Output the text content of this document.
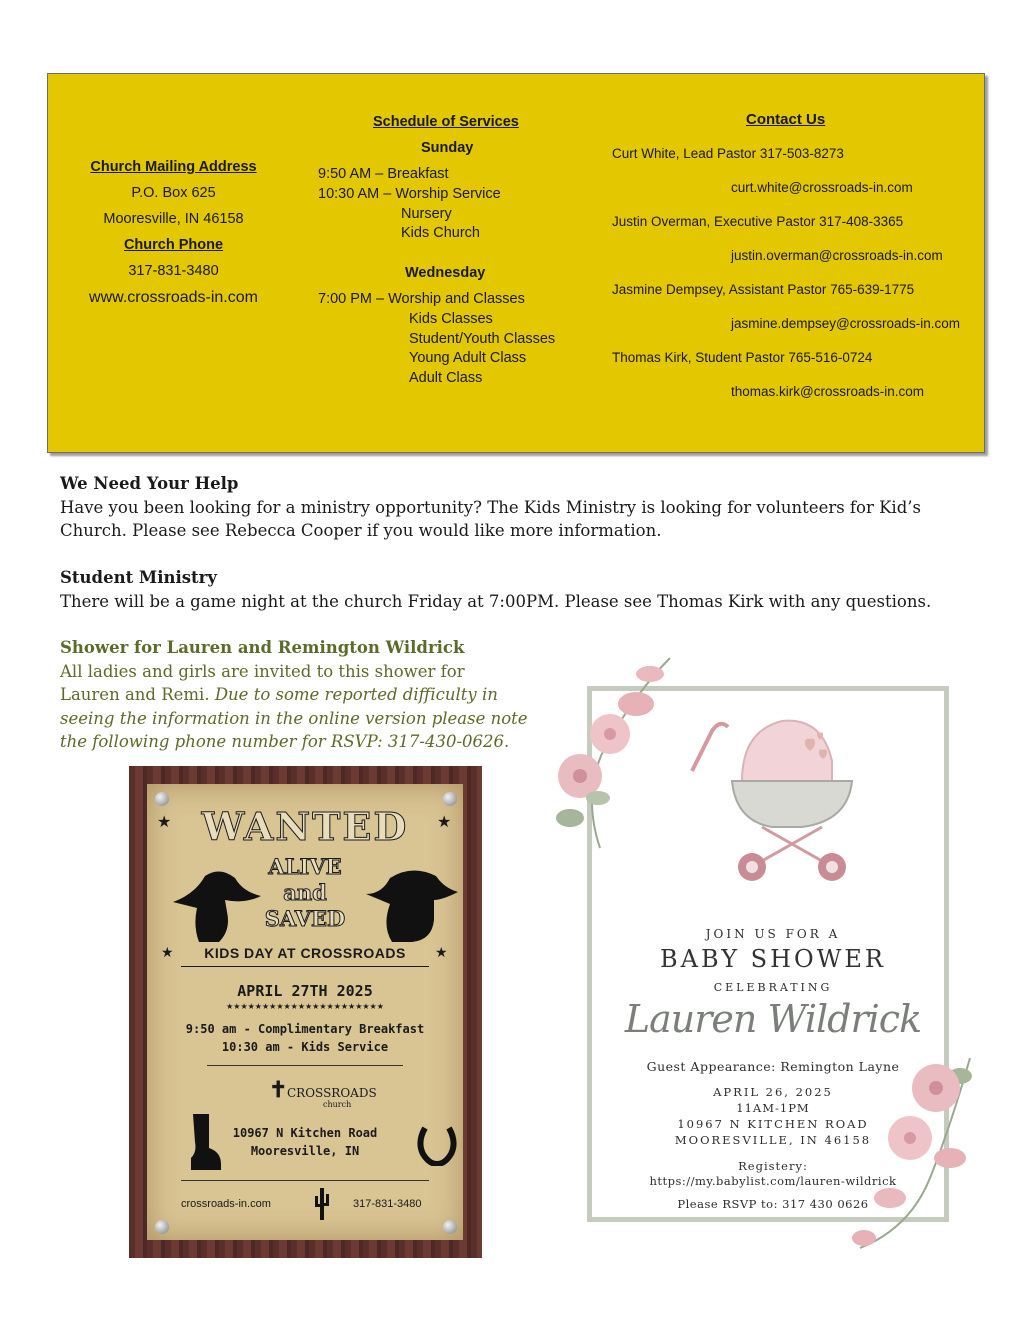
Church Mailing Address
P.O. Box 625
Mooresville, IN 46158
Church Phone
317-831-3480
www.crossroads-in.com
Schedule of Services
Sunday
9:50 AM – Breakfast
10:30 AM – Worship Service
Nursery
Kids Church
Wednesday
7:00 PM – Worship and Classes
Kids Classes
Student/Youth Classes
Young Adult Class
Adult Class
Contact Us
Curt White, Lead Pastor 317-503-8273
curt.white@crossroads-in.com
Justin Overman, Executive Pastor 317-408-3365
justin.overman@crossroads-in.com
Jasmine Dempsey, Assistant Pastor 765-639-1775
jasmine.dempsey@crossroads-in.com
Thomas Kirk, Student Pastor 765-516-0724
thomas.kirk@crossroads-in.com
We Need Your Help
Have you been looking for a ministry opportunity? The Kids Ministry is looking for volunteers for Kid’s
Church. Please see Rebecca Cooper if you would like more information.
Student Ministry
There will be a game night at the church Friday at 7:00PM. Please see Thomas Kirk with any questions.
Shower for Lauren and Remington Wildrick
All ladies and girls are invited to this shower for
Lauren and Remi. Due to some reported difficulty in
seeing the information in the online version please note
the following phone number for RSVP: 317-430-0626.
★	★
WANTED
ALIVE
and
SAVED
★	★
KIDS DAY AT CROSSROADS
APRIL 27TH 2025
★★★★★★★★★★★★★★★★★★★★★★
9:50 am - Complimentary Breakfast
10:30 am - Kids Service
✝ CROSSROADS
church
10967 N Kitchen Road
Mooresville, IN
crossroads-in.com	317-831-3480
JOIN US FOR A
BABY SHOWER
CELEBRATING
Lauren Wildrick
Guest Appearance: Remington Layne
APRIL 26, 2025
11AM-1PM
10967 N KITCHEN ROAD
MOORESVILLE, IN 46158
Registery:
https://my.babylist.com/lauren-wildrick
Please RSVP to: 317 430 0626
